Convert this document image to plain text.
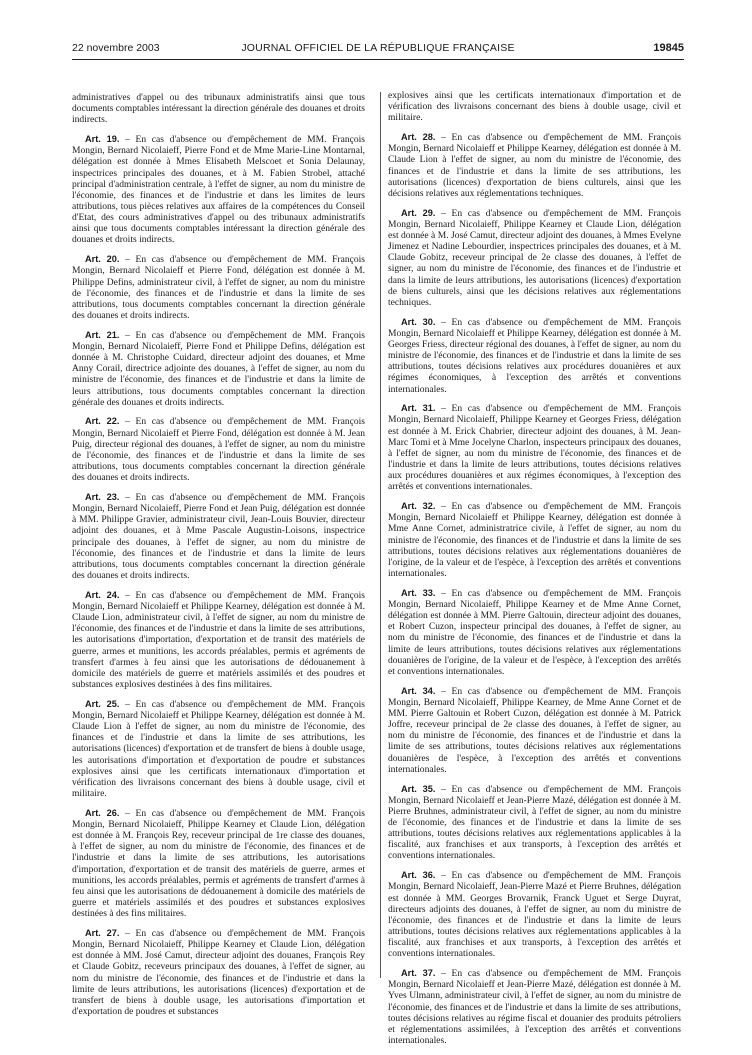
22 novembre 2003	JOURNAL OFFICIEL DE LA RÉPUBLIQUE FRANÇAISE	19845

administratives d'appel ou des tribunaux administratifs ainsi que tous documents comptables intéressant la direction générale des douanes et droits indirects.

Art. 19. – En cas d'absence ou d'empêchement de MM. François Mongin, Bernard Nicolaieff, Pierre Fond et de Mme Marie-Line Montarnal, délégation est donnée à Mmes Elisabeth Melscoet et Sonia Delaunay, inspectrices principales des douanes, et à M. Fabien Strobel, attaché principal d'administration centrale, à l'effet de signer, au nom du ministre de l'économie, des finances et de l'industrie et dans les limites de leurs attributions, tous pièces relatives aux affaires de la compétences du Conseil d'Etat, des cours administratives d'appel ou des tribunaux administratifs ainsi que tous documents comptables intéressant la direction générale des douanes et droits indirects.

Art. 20. – En cas d'absence ou d'empêchement de MM. François Mongin, Bernard Nicolaieff et Pierre Fond, délégation est donnée à M. Philippe Defins, administrateur civil, à l'effet de signer, au nom du ministre de l'économie, des finances et de l'industrie et dans la limite de ses attributions, tous documents comptables concernant la direction générale des douanes et droits indirects.

Art. 21. – En cas d'absence ou d'empêchement de MM. François Mongin, Bernard Nicolaieff, Pierre Fond et Philippe Defins, délégation est donnée à M. Christophe Cuidard, directeur adjoint des douanes, et Mme Anny Corail, directrice adjointe des douanes, à l'effet de signer, au nom du ministre de l'économie, des finances et de l'industrie et dans la limite de leurs attributions, tous documents comptables concernant la direction générale des douanes et droits indirects.

Art. 22. – En cas d'absence ou d'empêchement de MM. François Mongin, Bernard Nicolaieff et Pierre Fond, délégation est donnée à M. Jean Puig, directeur régional des douanes, à l'effet de signer, au nom du ministre de l'économie, des finances et de l'industrie et dans la limite de ses attributions, tous documents comptables concernant la direction générale des douanes et droits indirects.

Art. 23. – En cas d'absence ou d'empêchement de MM. François Mongin, Bernard Nicolaieff, Pierre Fond et Jean Puig, délégation est donnée à MM. Philippe Gravier, administrateur civil, Jean-Louis Bouvier, directeur adjoint des douanes, et à Mme Pascale Augustin-Loisons, inspectrice principale des douanes, à l'effet de signer, au nom du ministre de l'économie, des finances et de l'industrie et dans la limite de leurs attributions, tous documents comptables concernant la direction générale des douanes et droits indirects.

Art. 24. – En cas d'absence ou d'empêchement de MM. François Mongin, Bernard Nicolaieff et Philippe Kearney, délégation est donnée à M. Claude Lion, administrateur civil, à l'effet de signer, au nom du ministre de l'économie, des finances et de l'industrie et dans la limite de ses attributions, les autorisations d'importation, d'exportation et de transit des matériels de guerre, armes et munitions, les accords préalables, permis et agréments de transfert d'armes à feu ainsi que les autorisations de dédouanement à domicile des matériels de guerre et matériels assimilés et des poudres et substances explosives destinées à des fins militaires.

Art. 25. – En cas d'absence ou d'empêchement de MM. François Mongin, Bernard Nicolaieff et Philippe Kearney, délégation est donnée à M. Claude Lion à l'effet de signer, au nom du ministre de l'économie, des finances et de l'industrie et dans la limite de ses attributions, les autorisations (licences) d'exportation et de transfert de biens à double usage, les autorisations d'importation et d'exportation de poudre et substances explosives ainsi que les certificats internationaux d'importation et vérification des livraisons concernant des biens à double usage, civil et militaire.

Art. 26. – En cas d'absence ou d'empêchement de MM. François Mongin, Bernard Nicolaieff, Philippe Kearney et Claude Lion, délégation est donnée à M. François Rey, receveur principal de 1re classe des douanes, à l'effet de signer, au nom du ministre de l'économie, des finances et de l'industrie et dans la limite de ses attributions, les autorisations d'importation, d'exportation et de transit des matériels de guerre, armes et munitions, les accords préalables, permis et agréments de transfert d'armes à feu ainsi que les autorisations de dédouanement à domicile des matériels de guerre et matériels assimilés et des poudres et substances explosives destinées à des fins militaires.

Art. 27. – En cas d'absence ou d'empêchement de MM. François Mongin, Bernard Nicolaieff, Philippe Kearney et Claude Lion, délégation est donnée à MM. José Camut, directeur adjoint des douanes, François Rey et Claude Gobitz, receveurs principaux des douanes, à l'effet de signer, au nom du ministre de l'économie, des finances et de l'industrie et dans la limite de leurs attributions, les autorisations (licences) d'exportation et de transfert de biens à double usage, les autorisations d'importation et d'exportation de poudres et substances

explosives ainsi que les certificats internationaux d'importation et de vérification des livraisons concernant des biens à double usage, civil et militaire.

Art. 28. – En cas d'absence ou d'empêchement de MM. François Mongin, Bernard Nicolaieff et Philippe Kearney, délégation est donnée à M. Claude Lion à l'effet de signer, au nom du ministre de l'économie, des finances et de l'industrie et dans la limite de ses attributions, les autorisations (licences) d'exportation de biens culturels, ainsi que les décisions relatives aux réglementations techniques.

Art. 29. – En cas d'absence ou d'empêchement de MM. François Mongin, Bernard Nicolaieff, Philippe Kearney et Claude Lion, délégation est donnée à M. José Camut, directeur adjoint des douanes, à Mmes Evelyne Jimenez et Nadine Lebourdier, inspectrices principales des douanes, et à M. Claude Gobitz, receveur principal de 2e classe des douanes, à l'effet de signer, au nom du ministre de l'économie, des finances et de l'industrie et dans la limite de leurs attributions, les autorisations (licences) d'exportation de biens culturels, ainsi que les décisions relatives aux réglementations techniques.

Art. 30. – En cas d'absence ou d'empêchement de MM. François Mongin, Bernard Nicolaieff et Philippe Kearney, délégation est donnée à M. Georges Friess, directeur régional des douanes, à l'effet de signer, au nom du ministre de l'économie, des finances et de l'industrie et dans la limite de ses attributions, toutes décisions relatives aux procédures douanières et aux régimes économiques, à l'exception des arrêtés et conventions internationales.

Art. 31. – En cas d'absence ou d'empêchement de MM. François Mongin, Bernard Nicolaieff, Philippe Kearney et Georges Friess, délégation est donnée à M. Erick Chabrier, directeur adjoint des douanes, à M. Jean-Marc Tomi et à Mme Jocelyne Charlon, inspecteurs principaux des douanes, à l'effet de signer, au nom du ministre de l'économie, des finances et de l'industrie et dans la limite de leurs attributions, toutes décisions relatives aux procédures douanières et aux régimes économiques, à l'exception des arrêtés et conventions internationales.

Art. 32. – En cas d'absence ou d'empêchement de MM. François Mongin, Bernard Nicolaieff et Philippe Kearney, délégation est donnée à Mme Anne Cornet, administratrice civile, à l'effet de signer, au nom du ministre de l'économie, des finances et de l'industrie et dans la limite de ses attributions, toutes décisions relatives aux réglementations douanières de l'origine, de la valeur et de l'espèce, à l'exception des arrêtés et conventions internationales.

Art. 33. – En cas d'absence ou d'empêchement de MM. François Mongin, Bernard Nicolaieff, Philippe Kearney et de Mme Anne Cornet, délégation est donnée à MM. Pierre Galtouin, directeur adjoint des douanes, et Robert Cuzon, inspecteur principal des douanes, à l'effet de signer, au nom du ministre de l'économie, des finances et de l'industrie et dans la limite de leurs attributions, toutes décisions relatives aux réglementations douanières de l'origine, de la valeur et de l'espèce, à l'exception des arrêtés et conventions internationales.

Art. 34. – En cas d'absence ou d'empêchement de MM. François Mongin, Bernard Nicolaieff, Philippe Kearney, de Mme Anne Cornet et de MM. Pierre Galtouin et Robert Cuzon, délégation est donnée à M. Patrick Joffre, receveur principal de 2e classe des douanes, à l'effet de signer, au nom du ministre de l'économie, des finances et de l'industrie et dans la limite de ses attributions, toutes décisions relatives aux réglementations douanières de l'espèce, à l'exception des arrêtés et conventions internationales.

Art. 35. – En cas d'absence ou d'empêchement de MM. François Mongin, Bernard Nicolaieff et Jean-Pierre Mazé, délégation est donnée à M. Pierre Bruhnes, administrateur civil, à l'effet de signer, au nom du ministre de l'économie, des finances et de l'industrie et dans la limite de ses attributions, toutes décisions relatives aux réglementations applicables à la fiscalité, aux franchises et aux transports, à l'exception des arrêtés et conventions internationales.

Art. 36. – En cas d'absence ou d'empêchement de MM. François Mongin, Bernard Nicolaieff, Jean-Pierre Mazé et Pierre Bruhnes, délégation est donnée à MM. Georges Brovarnik, Franck Uguet et Serge Duyrat, directeurs adjoints des douanes, à l'effet de signer, au nom du ministre de l'économie, des finances et de l'industrie et dans la limite de leurs attributions, toutes décisions relatives aux réglementations applicables à la fiscalité, aux franchises et aux transports, à l'exception des arrêtés et conventions internationales.

Art. 37. – En cas d'absence ou d'empêchement de MM. François Mongin, Bernard Nicolaieff et Jean-Pierre Mazé, délégation est donnée à M. Yves Ulmann, administrateur civil, à l'effet de signer, au nom du ministre de l'économie, des finances et de l'industrie et dans la limite de ses attributions, toutes décisions relatives au régime fiscal et douanier des produits pétroliers et réglementations assimilées, à l'exception des arrêtés et conventions internationales.
